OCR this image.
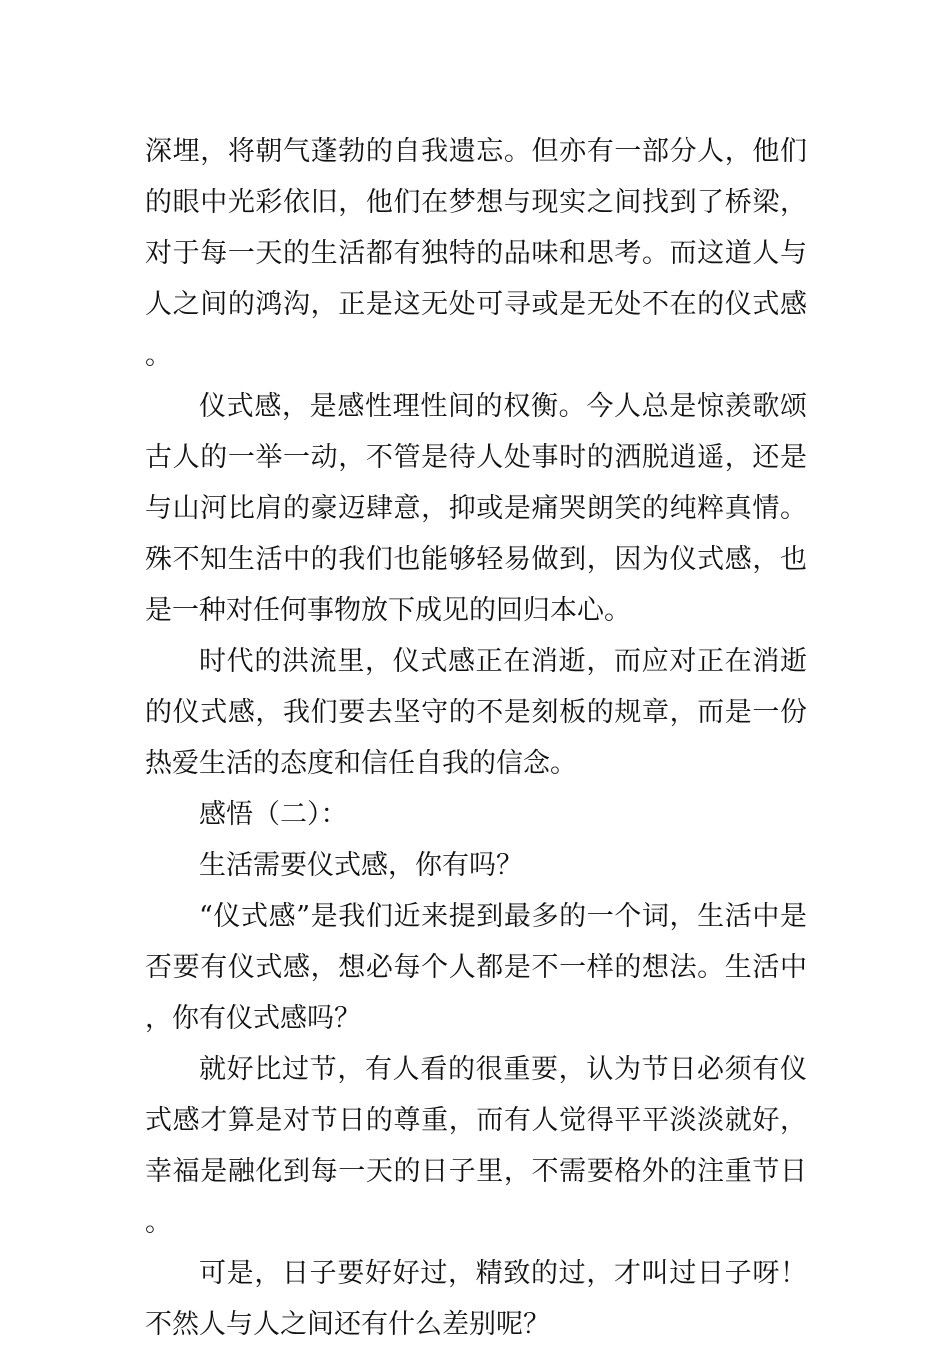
深埋，将朝气蓬勃的自我遗忘。但亦有一部分人，他们的眼中光彩依旧，他们在梦想与现实之间找到了桥梁，对于每一天的生活都有独特的品味和思考。而这道人与人之间的鸿沟，正是这无处可寻或是无处不在的仪式感。

仪式感，是感性理性间的权衡。今人总是惊羡歌颂古人的一举一动，不管是待人处事时的洒脱逍遥，还是与山河比肩的豪迈肆意，抑或是痛哭朗笑的纯粹真情。殊不知生活中的我们也能够轻易做到，因为仪式感，也是一种对任何事物放下成见的回归本心。

时代的洪流里，仪式感正在消逝，而应对正在消逝的仪式感，我们要去坚守的不是刻板的规章，而是一份热爱生活的态度和信任自我的信念。

感悟（二）：

生活需要仪式感，你有吗？

“仪式感”是我们近来提到最多的一个词，生活中是否要有仪式感，想必每个人都是不一样的想法。生活中，你有仪式感吗？

就好比过节，有人看的很重要，认为节日必须有仪式感才算是对节日的尊重，而有人觉得平平淡淡就好，幸福是融化到每一天的日子里，不需要格外的注重节日。

可是，日子要好好过，精致的过，才叫过日子呀！不然人与人之间还有什么差别呢？
